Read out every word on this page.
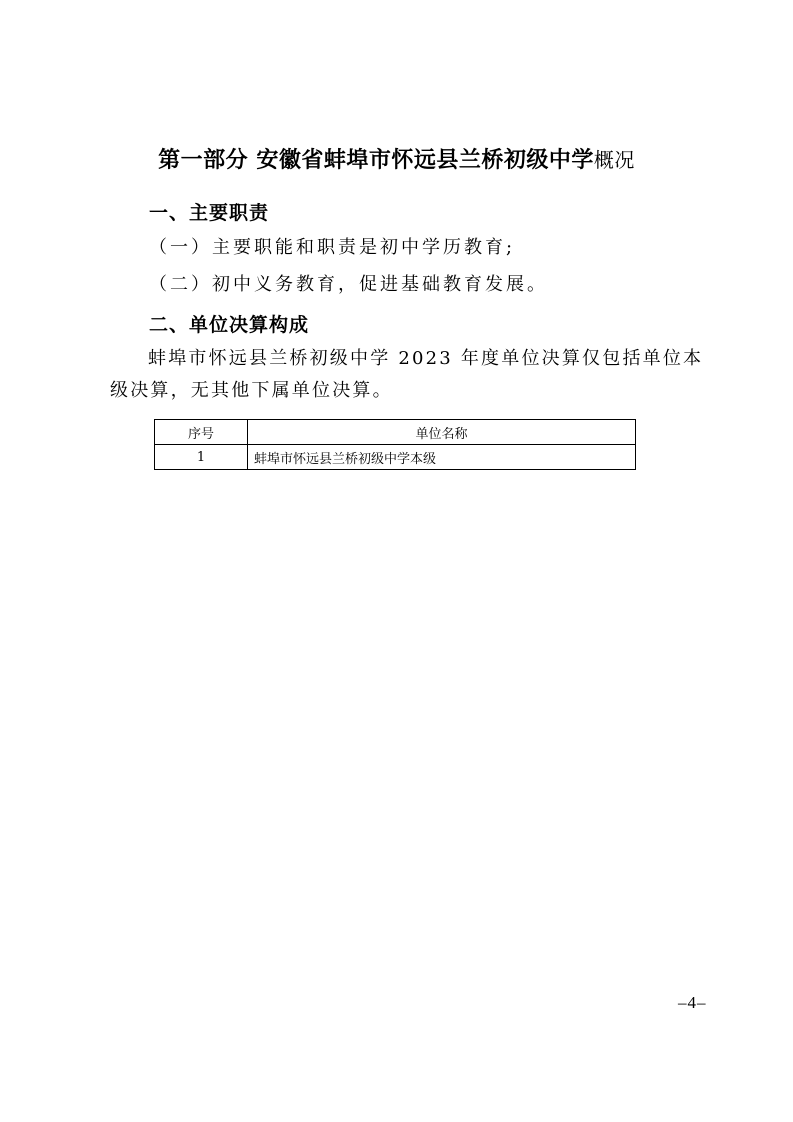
第一部分 安徽省蚌埠市怀远县兰桥初级中学概况
一、主要职责
（一）主要职能和职责是初中学历教育;
（二）初中义务教育，促进基础教育发展。
二、单位决算构成
蚌埠市怀远县兰桥初级中学 2023 年度单位决算仅包括单位本级决算，无其他下属单位决算。
序号	单位名称
1	蚌埠市怀远县兰桥初级中学本级
–4–
